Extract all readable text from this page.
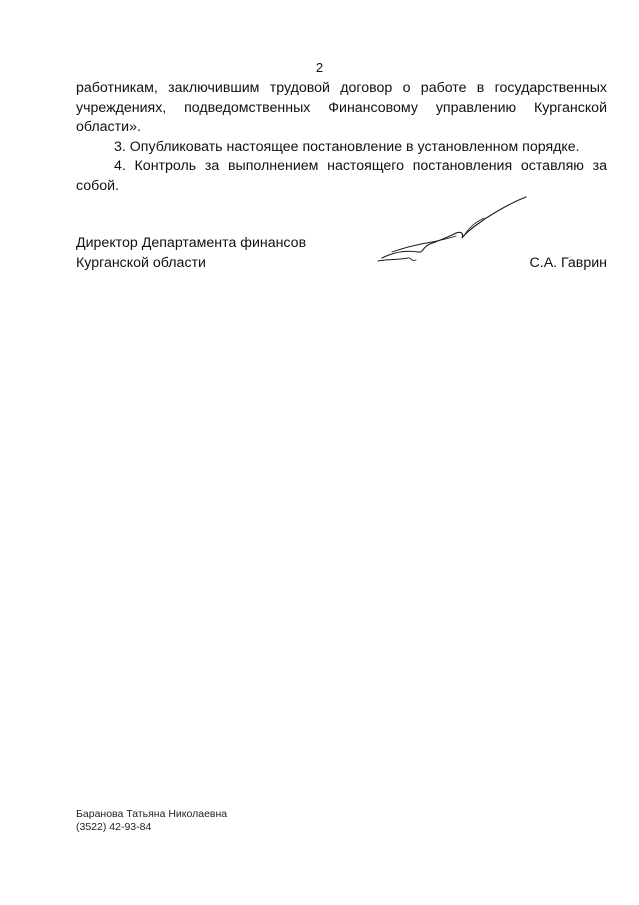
2

работникам, заключившим трудовой договор о работе в государственных учреждениях, подведомственных Финансовому управлению Курганской области».

3. Опубликовать настоящее постановление в установленном порядке.

4. Контроль за выполнением настоящего постановления оставляю за собой.

Директор Департамента финансов
Курганской области	С.А. Гаврин
Баранова Татьяна Николаевна
(3522) 42-93-84
